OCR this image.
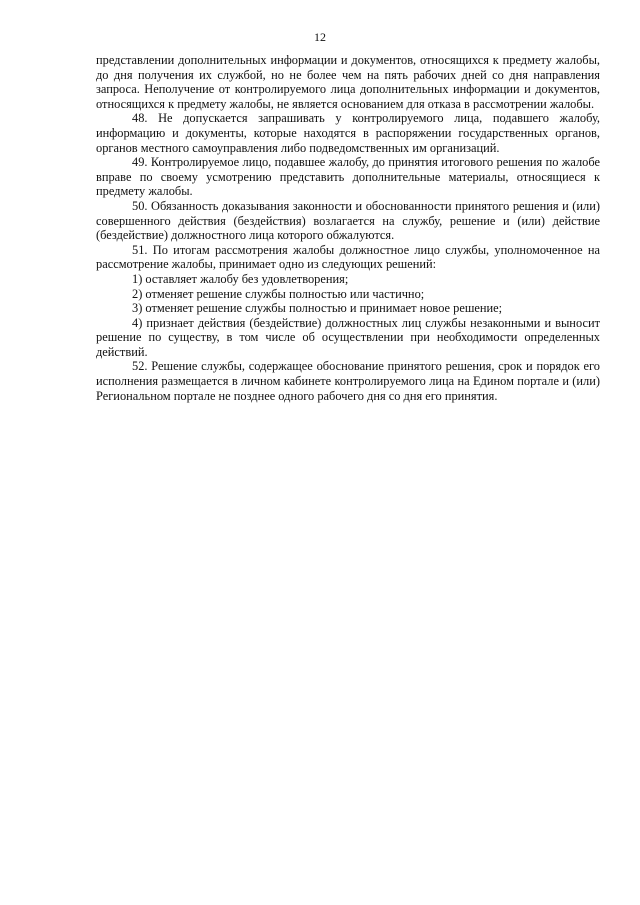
12

представлении дополнительных информации и документов, относящихся к предмету жалобы, до дня получения их службой, но не более чем на пять рабочих дней со дня направления запроса. Неполучение от контролируемого лица дополнительных информации и документов, относящихся к предмету жалобы, не является основанием для отказа в рассмотрении жалобы.

48. Не допускается запрашивать у контролируемого лица, подавшего жалобу, информацию и документы, которые находятся в распоряжении государственных органов, органов местного самоуправления либо подведомственных им организаций.

49. Контролируемое лицо, подавшее жалобу, до принятия итогового решения по жалобе вправе по своему усмотрению представить дополнительные материалы, относящиеся к предмету жалобы.

50. Обязанность доказывания законности и обоснованности принятого решения и (или) совершенного действия (бездействия) возлагается на службу, решение и (или) действие (бездействие) должностного лица которого обжалуются.

51. По итогам рассмотрения жалобы должностное лицо службы, уполномоченное на рассмотрение жалобы, принимает одно из следующих решений:

1) оставляет жалобу без удовлетворения;

2) отменяет решение службы полностью или частично;

3) отменяет решение службы полностью и принимает новое решение;

4) признает действия (бездействие) должностных лиц службы незаконными и выносит решение по существу, в том числе об осуществлении при необходимости определенных действий.

52. Решение службы, содержащее обоснование принятого решения, срок и порядок его исполнения размещается в личном кабинете контролируемого лица на Едином портале и (или) Региональном портале не позднее одного рабочего дня со дня его принятия.
